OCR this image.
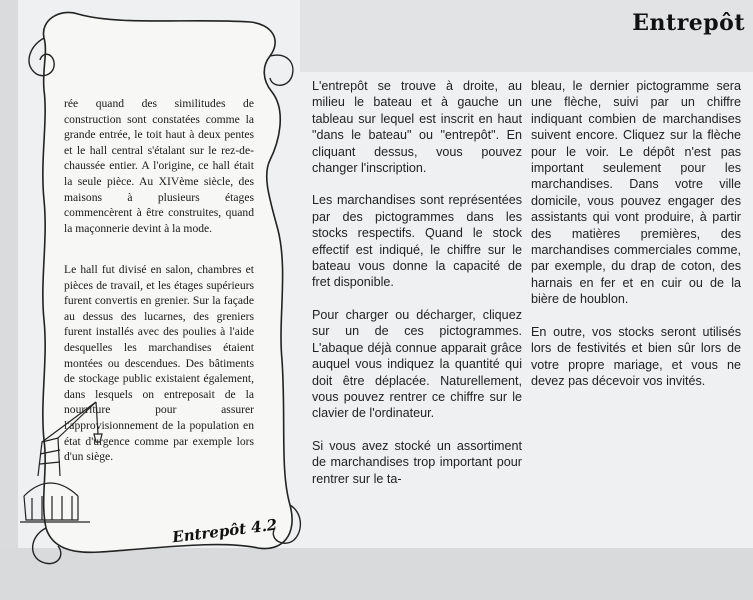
Entrepôt

rée quand des similitudes de construction sont constatées comme la grande entrée, le toit haut à deux pentes et le hall central s'étalant sur le rez-de-chaussée entier. A l'origine, ce hall était la seule pièce. Au XIVème siècle, des maisons à plusieurs étages commencèrent à être construites, quand la maçonnerie devint à la mode.

Le hall fut divisé en salon, chambres et pièces de travail, et les étages supérieurs furent convertis en grenier. Sur la façade au dessus des lucarnes, des greniers furent installés avec des poulies à l'aide desquelles les marchandises étaient montées ou descendues. Des bâtiments de stockage public existaient également, dans lesquels on entreposait de la nourriture pour assurer l'approvisionnement de la population en état d'urgence comme par exemple lors d'un siège.

Entrepôt 4.2

L'entrepôt se trouve à droite, au milieu le bateau et à gauche un tableau sur lequel est inscrit en haut "dans le bateau" ou "entrepôt". En cliquant dessus, vous pouvez changer l'inscription.

Les marchandises sont représentées par des pictogrammes dans les stocks respectifs. Quand le stock effectif est indiqué, le chiffre sur le bateau vous donne la capacité de fret disponible.

Pour charger ou décharger, cliquez sur un de ces pictogrammes. L'abaque déjà connue apparait grâce auquel vous indiquez la quantité qui doit être déplacée. Naturellement, vous pouvez rentrer ce chiffre sur le clavier de l'ordinateur.

Si vous avez stocké un assortiment de marchandises trop important pour rentrer sur le ta-

bleau, le dernier pictogramme sera une flèche, suivi par un chiffre indiquant combien de marchandises suivent encore. Cliquez sur la flèche pour le voir. Le dépôt n'est pas important seulement pour les marchandises. Dans votre ville domicile, vous pouvez engager des assistants qui vont produire, à partir des matières premières, des marchandises commerciales comme, par exemple, du drap de coton, des harnais en fer et en cuir ou de la bière de houblon.

En outre, vos stocks seront utilisés lors de festivités et bien sûr lors de votre propre mariage, et vous ne devez pas décevoir vos invités.
